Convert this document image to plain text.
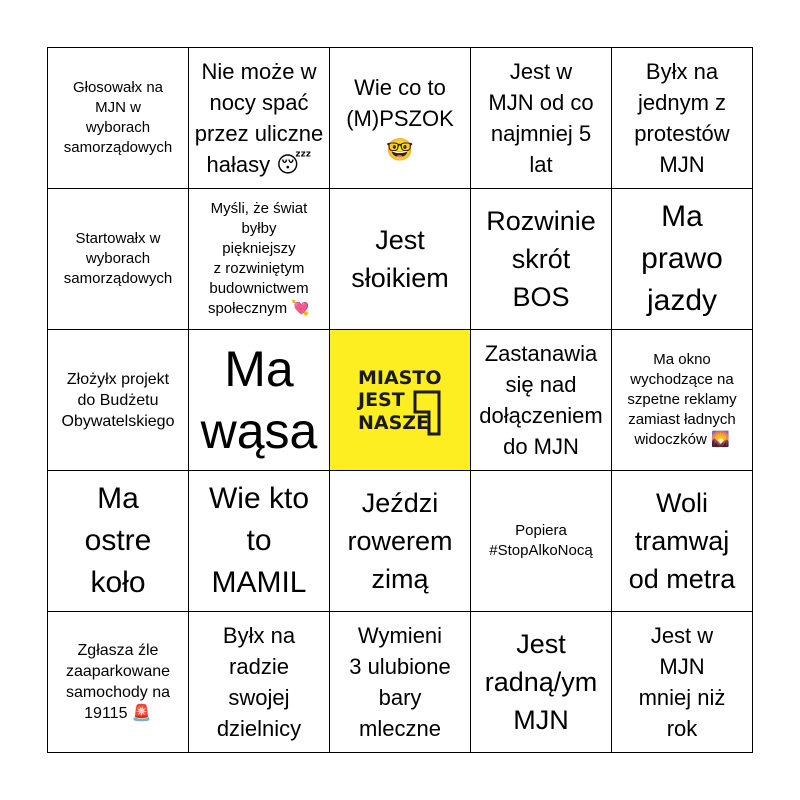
Głosowałx na
MJN w
wyborach
samorządowych
Nie może w
nocy spać
przez uliczne
hałasy 😴
Wie co to
(M)PSZOK
🤓
Jest w
MJN od co
najmniej 5
lat
Byłx na
jednym z
protestów
MJN
Startowałx w
wyborach
samorządowych
Myśli, że świat
byłby
piękniejszy
z rozwiniętym
budownictwem
społecznym 💘
Jest
słoikiem
Rozwinie
skrót
BOS
Ma
prawo
jazdy
Złożyłx projekt
do Budżetu
Obywatelskiego
Ma
wąsa
MIASTO
JEST
NASZE
Zastanawia
się nad
dołączeniem
do MJN
Ma okno
wychodzące na
szpetne reklamy
zamiast ładnych
widoczków 🌄
Ma
ostre
koło
Wie kto
to
MAMIL
Jeździ
rowerem
zimą
Popiera
#StopAlkoNocą
Woli
tramwaj
od metra
Zgłasza źle
zaaparkowane
samochody na
19115 🚨
Byłx na
radzie
swojej
dzielnicy
Wymieni
3 ulubione
bary
mleczne
Jest
radną/ym
MJN
Jest w
MJN
mniej niż
rok
